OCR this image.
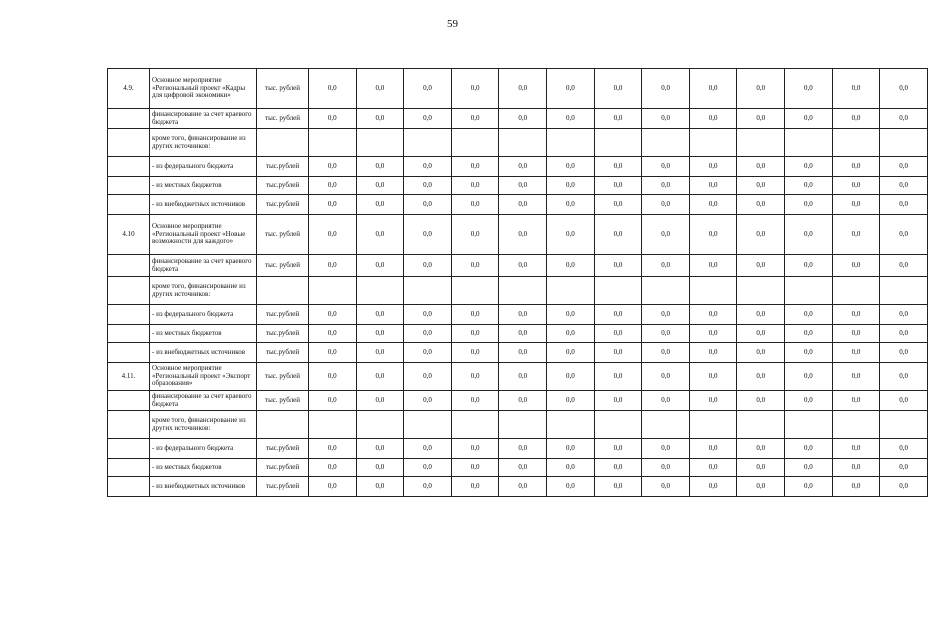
59
4.9.	Основное мероприятие «Региональный проект «Кадры для цифровой экономики»	тыс. рублей	0,0	0,0	0,0	0,0	0,0	0,0	0,0	0,0	0,0	0,0	0,0	0,0	0,0
	финансирование за счет краевого бюджета	тыс. рублей	0,0	0,0	0,0	0,0	0,0	0,0	0,0	0,0	0,0	0,0	0,0	0,0	0,0
	кроме того, финансирование из других источников:														
	- из федерального бюджета	тыс.рублей	0,0	0,0	0,0	0,0	0,0	0,0	0,0	0,0	0,0	0,0	0,0	0,0	0,0
	- из местных бюджетов	тыс.рублей	0,0	0,0	0,0	0,0	0,0	0,0	0,0	0,0	0,0	0,0	0,0	0,0	0,0
	- из внебюджетных источников	тыс.рублей	0,0	0,0	0,0	0,0	0,0	0,0	0,0	0,0	0,0	0,0	0,0	0,0	0,0
4.10	Основное мероприятие «Региональный проект «Новые возможности для каждого»	тыс. рублей	0,0	0,0	0,0	0,0	0,0	0,0	0,0	0,0	0,0	0,0	0,0	0,0	0,0
	финансирование за счет краевого бюджета	тыс. рублей	0,0	0,0	0,0	0,0	0,0	0,0	0,0	0,0	0,0	0,0	0,0	0,0	0,0
	кроме того, финансирование из других источников:														
	- из федерального бюджета	тыс.рублей	0,0	0,0	0,0	0,0	0,0	0,0	0,0	0,0	0,0	0,0	0,0	0,0	0,0
	- из местных бюджетов	тыс.рублей	0,0	0,0	0,0	0,0	0,0	0,0	0,0	0,0	0,0	0,0	0,0	0,0	0,0
	- из внебюджетных источников	тыс.рублей	0,0	0,0	0,0	0,0	0,0	0,0	0,0	0,0	0,0	0,0	0,0	0,0	0,0
4.11.	Основное мероприятие «Региональный проект «Экспорт образования»	тыс. рублей	0,0	0,0	0,0	0,0	0,0	0,0	0,0	0,0	0,0	0,0	0,0	0,0	0,0
	финансирование за счет краевого бюджета	тыс. рублей	0,0	0,0	0,0	0,0	0,0	0,0	0,0	0,0	0,0	0,0	0,0	0,0	0,0
	кроме того, финансирование из других источников:														
	- из федерального бюджета	тыс.рублей	0,0	0,0	0,0	0,0	0,0	0,0	0,0	0,0	0,0	0,0	0,0	0,0	0,0
	- из местных бюджетов	тыс.рублей	0,0	0,0	0,0	0,0	0,0	0,0	0,0	0,0	0,0	0,0	0,0	0,0	0,0
	- из внебюджетных источников	тыс.рублей	0,0	0,0	0,0	0,0	0,0	0,0	0,0	0,0	0,0	0,0	0,0	0,0	0,0
